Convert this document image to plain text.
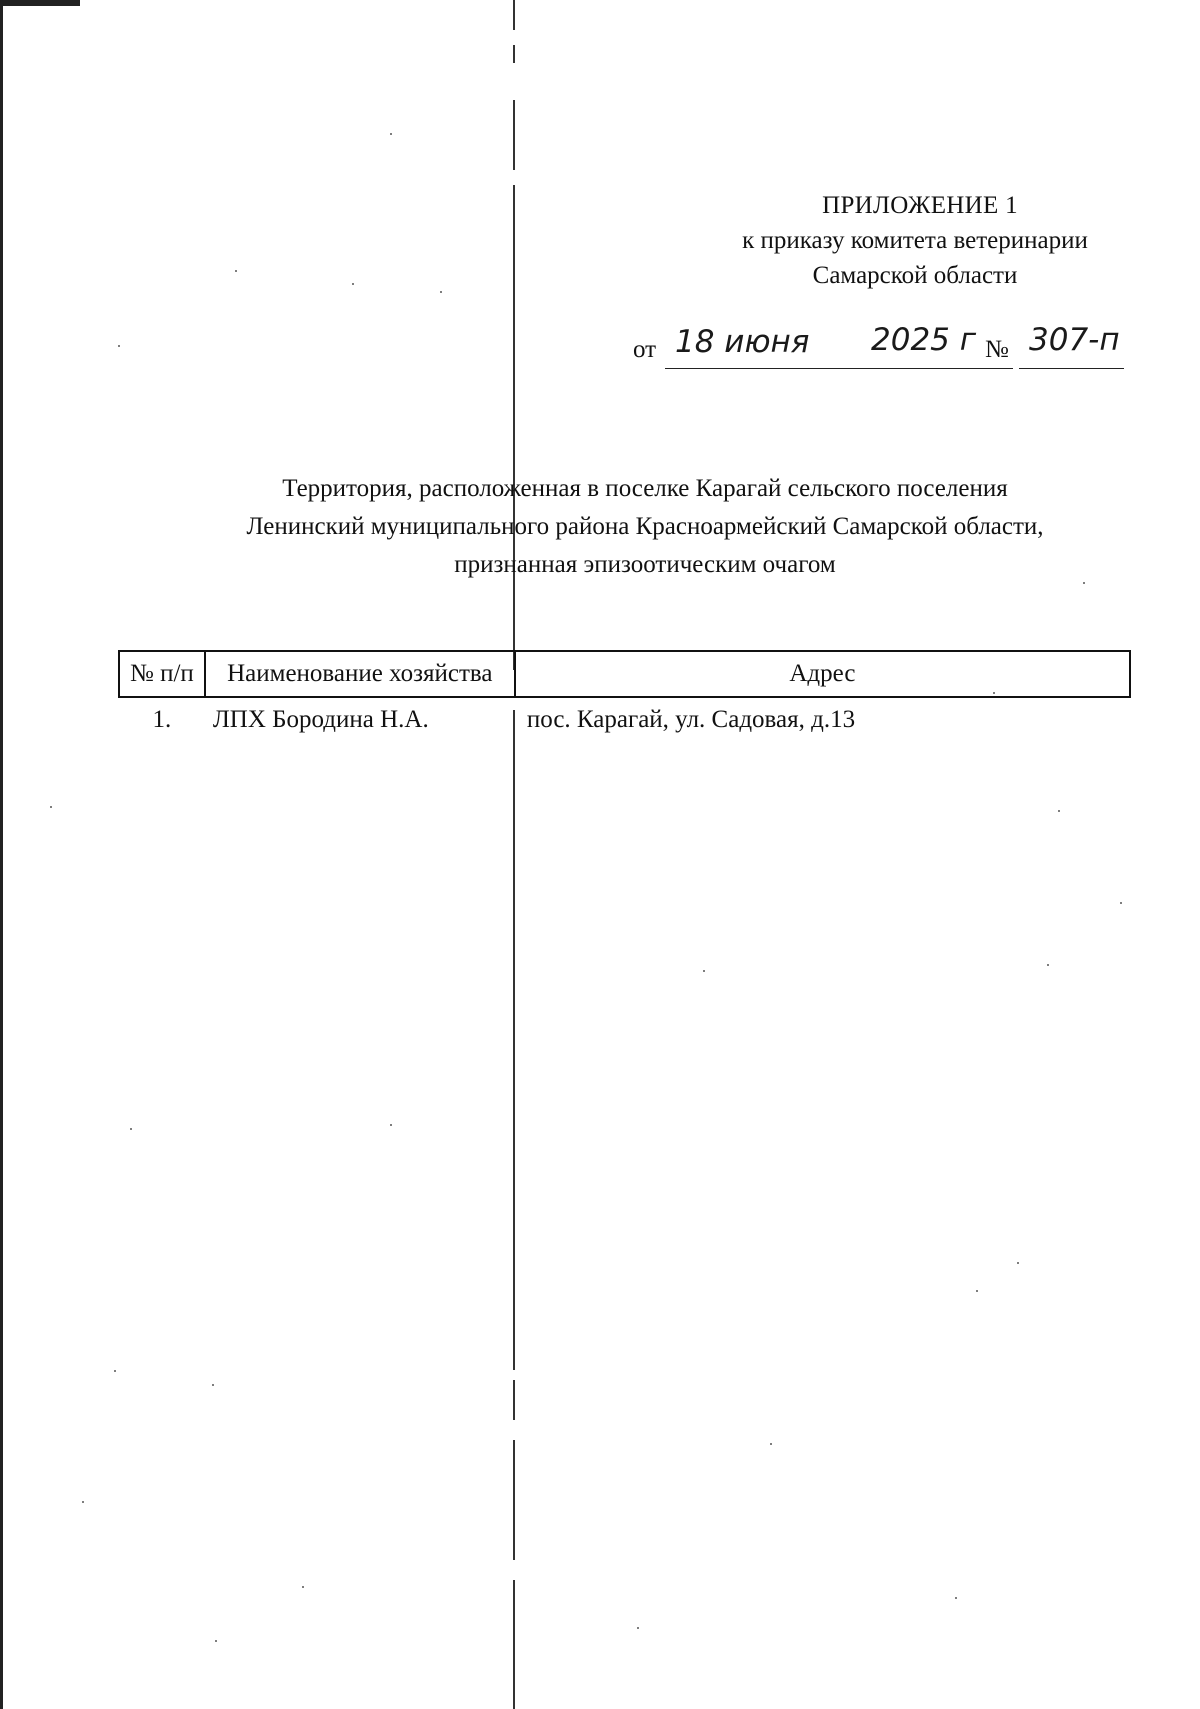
ПРИЛОЖЕНИЕ 1
к приказу комитета ветеринарии
Самарской области
от 18 июня 2025 г № 307-п
Территория, расположенная в поселке Карагай сельского поселения
Ленинский муниципального района Красноармейский Самарской области,
признанная эпизоотическим очагом
№ п/п	Наименование хозяйства	Адрес
1.	ЛПХ Бородина Н.А.	пос. Карагай, ул. Садовая, д.13
